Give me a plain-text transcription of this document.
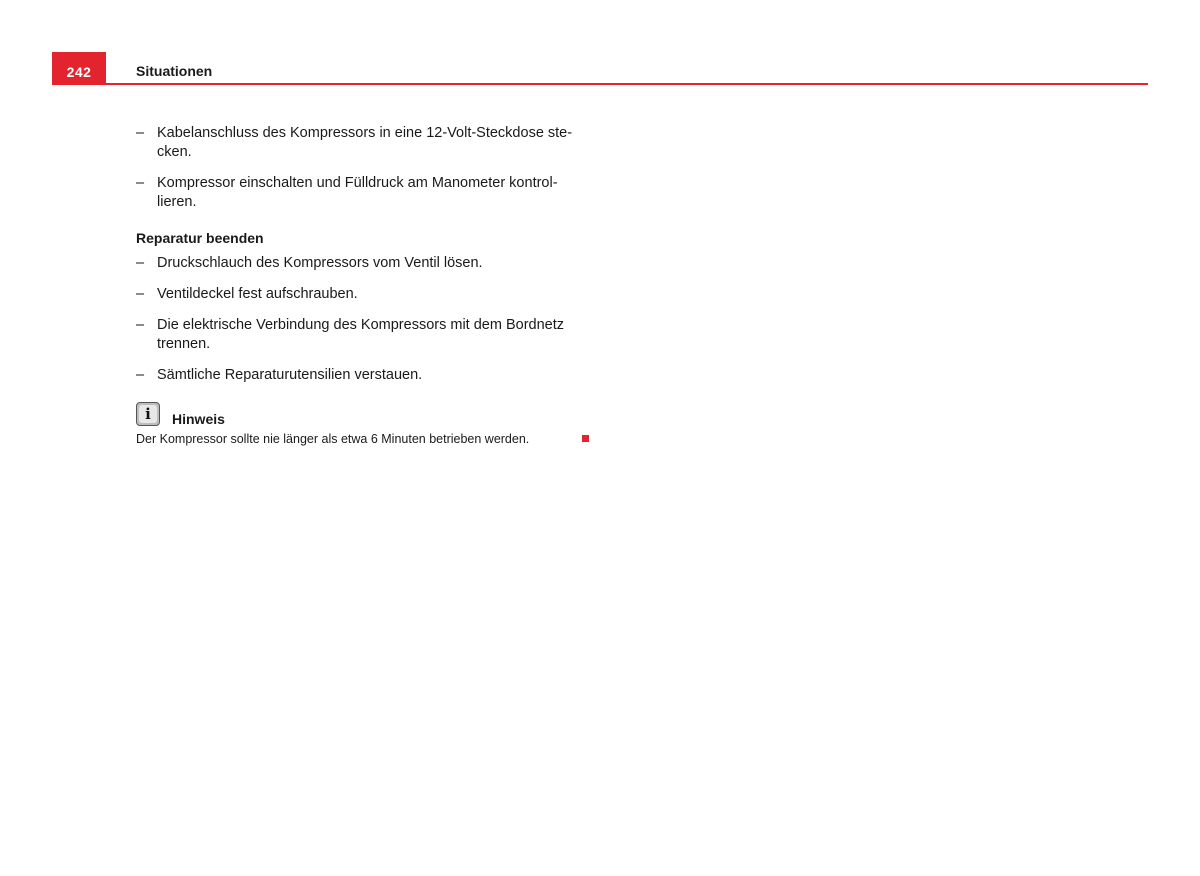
242	Situationen
– Kabelanschluss des Kompressors in eine 12-Volt-Steckdose ste-
cken.
– Kompressor einschalten und Fülldruck am Manometer kontrol-
lieren.
Reparatur beenden
– Druckschlauch des Kompressors vom Ventil lösen.
– Ventildeckel fest aufschrauben.
– Die elektrische Verbindung des Kompressors mit dem Bordnetz
trennen.
– Sämtliche Reparaturutensilien verstauen.
i	Hinweis
Der Kompressor sollte nie länger als etwa 6 Minuten betrieben werden.
